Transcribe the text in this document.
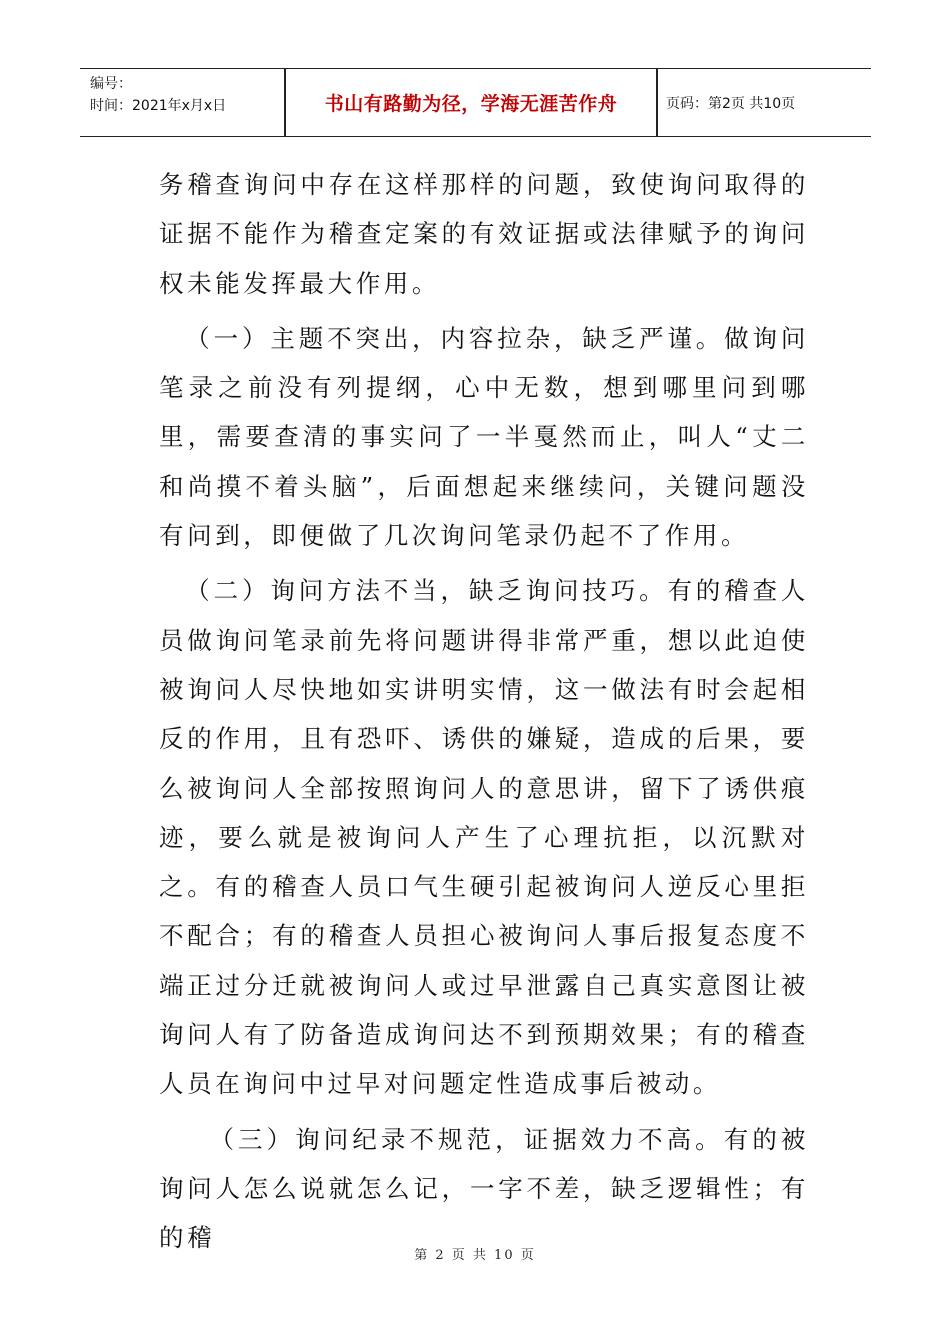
编号：
时间：2021年x月x日	书山有路勤为径，学海无涯苦作舟	页码：第2页 共10页

务稽查询问中存在这样那样的问题，致使询问取得的证据不能作为稽查定案的有效证据或法律赋予的询问权未能发挥最大作用。

（一）主题不突出，内容拉杂，缺乏严谨。做询问笔录之前没有列提纲，心中无数，想到哪里问到哪里，需要查清的事实问了一半戛然而止，叫人“丈二和尚摸不着头脑”，后面想起来继续问，关键问题没有问到，即便做了几次询问笔录仍起不了作用。

（二）询问方法不当，缺乏询问技巧。有的稽查人员做询问笔录前先将问题讲得非常严重，想以此迫使被询问人尽快地如实讲明实情，这一做法有时会起相反的作用，且有恐吓、诱供的嫌疑，造成的后果，要么被询问人全部按照询问人的意思讲，留下了诱供痕迹，要么就是被询问人产生了心理抗拒，以沉默对之。有的稽查人员口气生硬引起被询问人逆反心里拒不配合；有的稽查人员担心被询问人事后报复态度不端正过分迁就被询问人或过早泄露自己真实意图让被询问人有了防备造成询问达不到预期效果；有的稽查人员在询问中过早对问题定性造成事后被动。

（三）询问纪录不规范，证据效力不高。有的被询问人怎么说就怎么记，一字不差，缺乏逻辑性；有的稽

第 2 页 共 10 页
